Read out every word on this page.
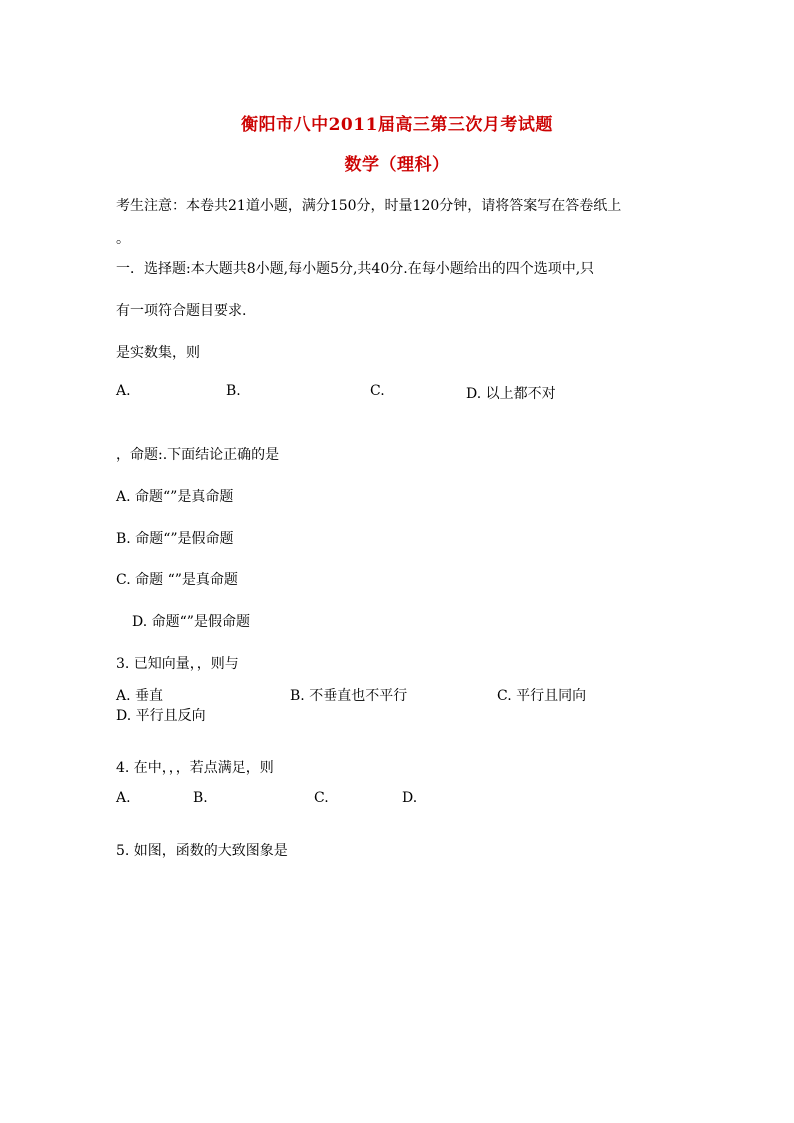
衡阳市八中2011届高三第三次月考试题
数学（理科）
考生注意：本卷共21道小题，满分150分，时量120分钟，请将答案写在答卷纸上
。
一．选择题:本大题共8小题,每小题5分,共40分.在每小题给出的四个选项中,只
有一项符合题目要求.
是实数集，则
A.	B.	C.	D. 以上都不对
，命题:.下面结论正确的是
A. 命题“”是真命题
B. 命题“”是假命题
C. 命题 “”是真命题
D. 命题“”是假命题
3. 已知向量，，则与
A. 垂直	B. 不垂直也不平行	C. 平行且同向
D. 平行且反向
4. 在中，，，若点满足，则
A.	B.	C.	D.
5. 如图，函数的大致图象是
